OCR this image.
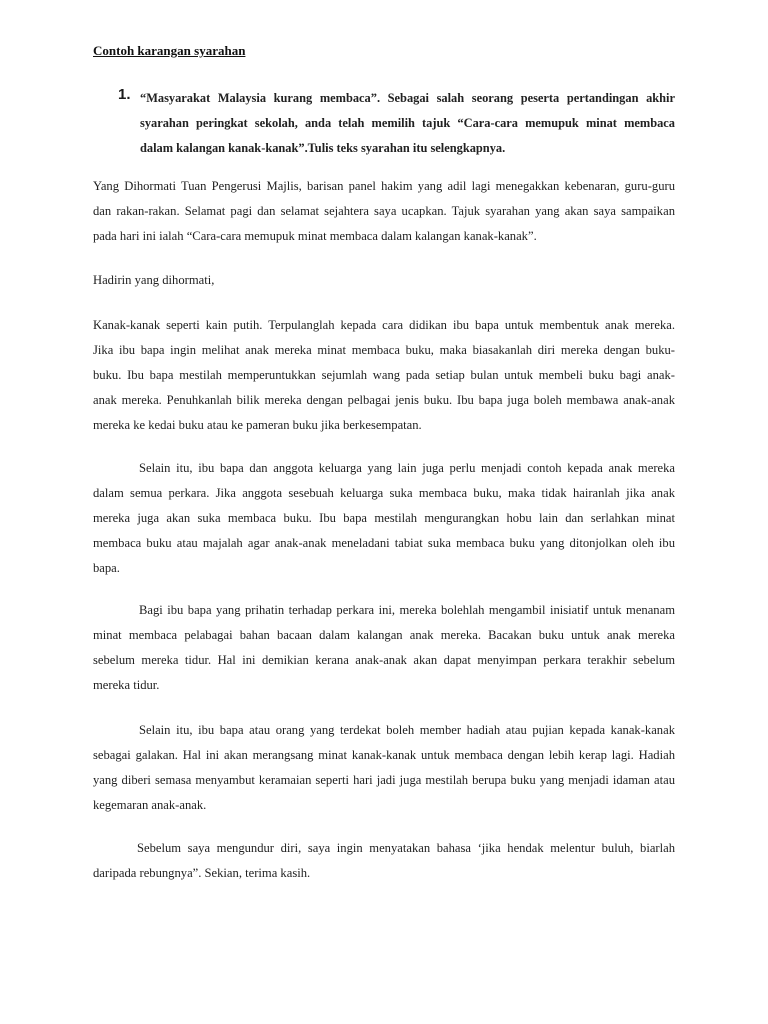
Contoh karangan syarahan
1. “Masyarakat Malaysia kurang membaca”. Sebagai salah seorang peserta pertandingan akhir
syarahan peringkat sekolah, anda telah memilih tajuk “Cara-cara memupuk minat membaca
dalam kalangan kanak-kanak”.Tulis teks syarahan itu selengkapnya.
Yang Dihormati Tuan Pengerusi Majlis, barisan panel hakim yang adil lagi menegakkan kebenaran, guru-guru
dan rakan-rakan. Selamat pagi dan selamat sejahtera saya ucapkan. Tajuk syarahan yang akan saya sampaikan
pada hari ini ialah “Cara-cara memupuk minat membaca dalam kalangan kanak-kanak”.
Hadirin yang dihormati,
Kanak-kanak seperti kain putih. Terpulanglah kepada cara didikan ibu bapa untuk membentuk anak mereka.
Jika ibu bapa ingin melihat anak mereka minat membaca buku, maka biasakanlah diri mereka dengan buku-
buku. Ibu bapa mestilah memperuntukkan sejumlah wang pada setiap bulan untuk membeli buku bagi anak-
anak mereka. Penuhkanlah bilik mereka dengan pelbagai jenis buku. Ibu bapa juga boleh membawa anak-anak
mereka ke kedai buku atau ke pameran buku jika berkesempatan.
Selain itu, ibu bapa dan anggota keluarga yang lain juga perlu menjadi contoh kepada anak mereka
dalam semua perkara. Jika anggota sesebuah keluarga suka membaca buku, maka tidak hairanlah jika anak
mereka juga akan suka membaca buku. Ibu bapa mestilah mengurangkan hobu lain dan serlahkan minat
membaca buku atau majalah agar anak-anak meneladani tabiat suka membaca buku yang ditonjolkan oleh ibu
bapa.
Bagi ibu bapa yang prihatin terhadap perkara ini, mereka bolehlah mengambil inisiatif untuk menanam
minat membaca pelabagai bahan bacaan dalam kalangan anak mereka. Bacakan buku untuk anak mereka
sebelum mereka tidur. Hal ini demikian kerana anak-anak akan dapat menyimpan perkara terakhir sebelum
mereka tidur.
Selain itu, ibu bapa atau orang yang terdekat boleh member hadiah atau pujian kepada kanak-kanak
sebagai galakan. Hal ini akan merangsang minat kanak-kanak untuk membaca dengan lebih kerap lagi. Hadiah
yang diberi semasa menyambut keramaian seperti hari jadi juga mestilah berupa buku yang menjadi idaman atau
kegemaran anak-anak.
Sebelum saya mengundur diri, saya ingin menyatakan bahasa ‘jika hendak melentur buluh, biarlah
daripada rebungnya”. Sekian, terima kasih.
